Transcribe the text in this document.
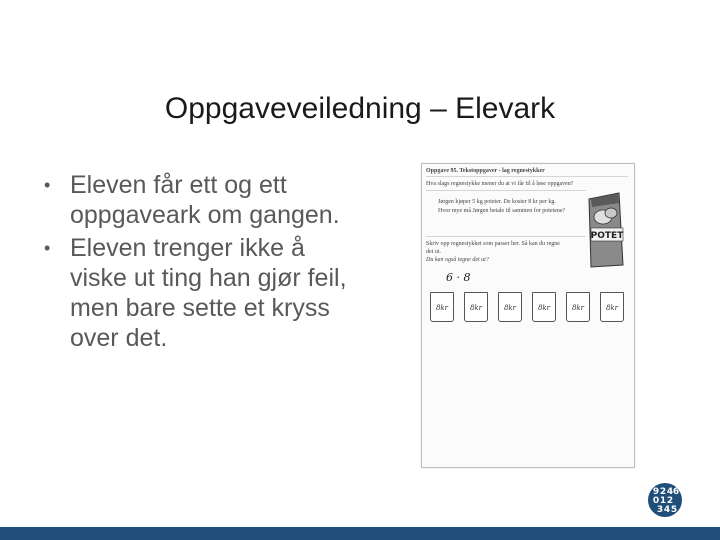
Oppgaveveiledning – Elevark
• Eleven får ett og ett oppgaveark om gangen.
• Eleven trenger ikke å viske ut ting han gjør feil, men bare sette et kryss over det.
Oppgave 95. Tekstoppgaver - lag regnestykker
Hva slags regnestykke mener du at vi får til å løse oppgaven?
Jørgen kjøper 5 kg poteter. De koster 8 kr per kg.
Hvor mye må Jørgen betale til sammen for potetene?
Skriv opp regnestykket som passer her. Så kan du regne
det ut.
Du kan også tegne det ut?
POTET
6 · 8
8kr	8kr	8kr	8kr	8kr	8kr
9 2 4 6
0 1 2
3 4 5
